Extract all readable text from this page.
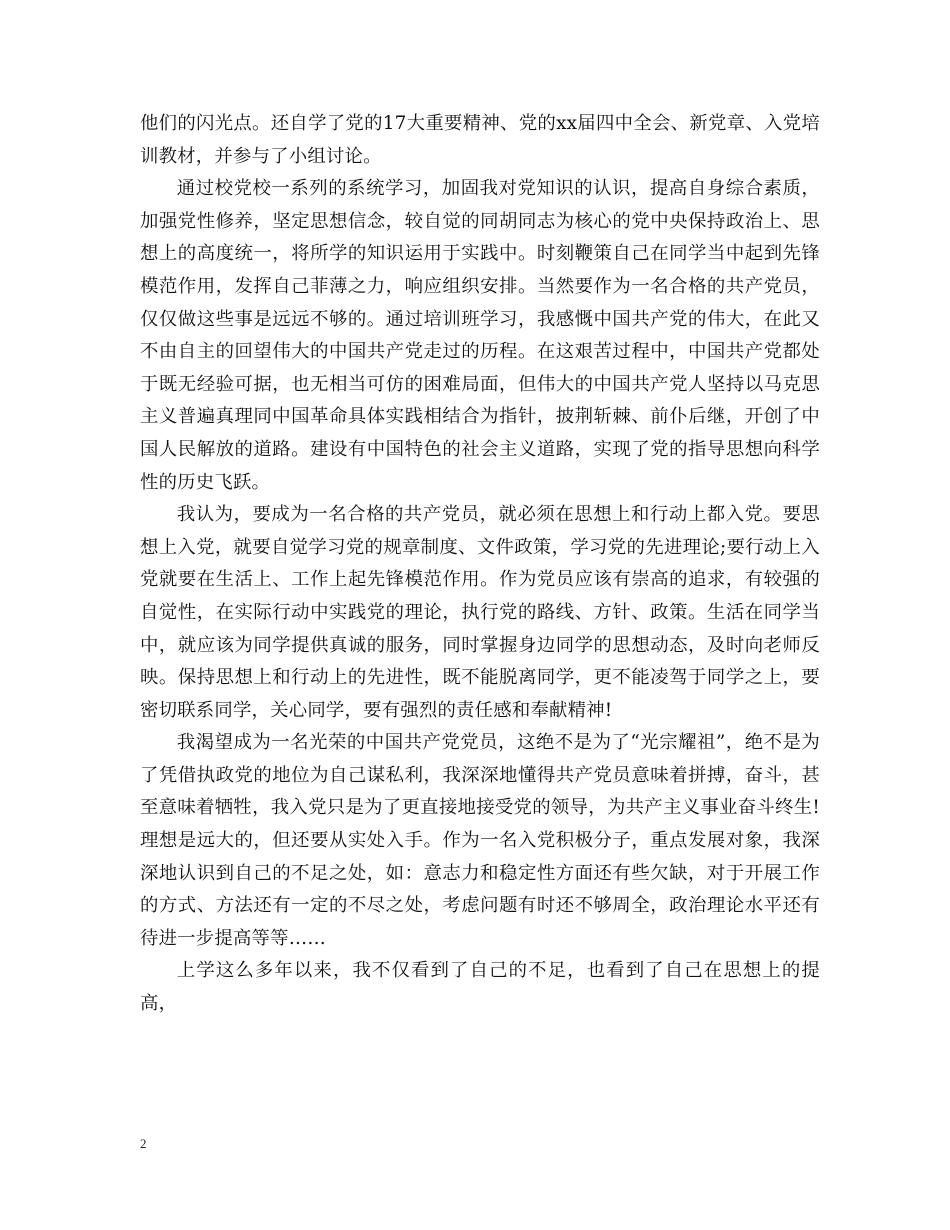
他们的闪光点。还自学了党的17大重要精神、党的xx届四中全会、新党章、入党培训教材，并参与了小组讨论。

通过校党校一系列的系统学习，加固我对党知识的认识，提高自身综合素质，加强党性修养，坚定思想信念，较自觉的同胡同志为核心的党中央保持政治上、思想上的高度统一，将所学的知识运用于实践中。时刻鞭策自己在同学当中起到先锋模范作用，发挥自己菲薄之力，响应组织安排。当然要作为一名合格的共产党员，仅仅做这些事是远远不够的。通过培训班学习，我感慨中国共产党的伟大，在此又不由自主的回望伟大的中国共产党走过的历程。在这艰苦过程中，中国共产党都处于既无经验可据，也无相当可仿的困难局面，但伟大的中国共产党人坚持以马克思主义普遍真理同中国革命具体实践相结合为指针，披荆斩棘、前仆后继，开创了中国人民解放的道路。建设有中国特色的社会主义道路，实现了党的指导思想向科学性的历史飞跃。

我认为，要成为一名合格的共产党员，就必须在思想上和行动上都入党。要思想上入党，就要自觉学习党的规章制度、文件政策，学习党的先进理论;要行动上入党就要在生活上、工作上起先锋模范作用。作为党员应该有崇高的追求，有较强的自觉性，在实际行动中实践党的理论，执行党的路线、方针、政策。生活在同学当中，就应该为同学提供真诚的服务，同时掌握身边同学的思想动态，及时向老师反映。保持思想上和行动上的先进性，既不能脱离同学，更不能凌驾于同学之上，要密切联系同学，关心同学，要有强烈的责任感和奉献精神!

我渴望成为一名光荣的中国共产党党员，这绝不是为了“光宗耀祖”，绝不是为了凭借执政党的地位为自己谋私利，我深深地懂得共产党员意味着拼搏，奋斗，甚至意味着牺牲，我入党只是为了更直接地接受党的领导，为共产主义事业奋斗终生!理想是远大的，但还要从实处入手。作为一名入党积极分子，重点发展对象，我深深地认识到自己的不足之处，如：意志力和稳定性方面还有些欠缺，对于开展工作的方式、方法还有一定的不尽之处，考虑问题有时还不够周全，政治理论水平还有待进一步提高等等……

上学这么多年以来，我不仅看到了自己的不足，也看到了自己在思想上的提高，

2
